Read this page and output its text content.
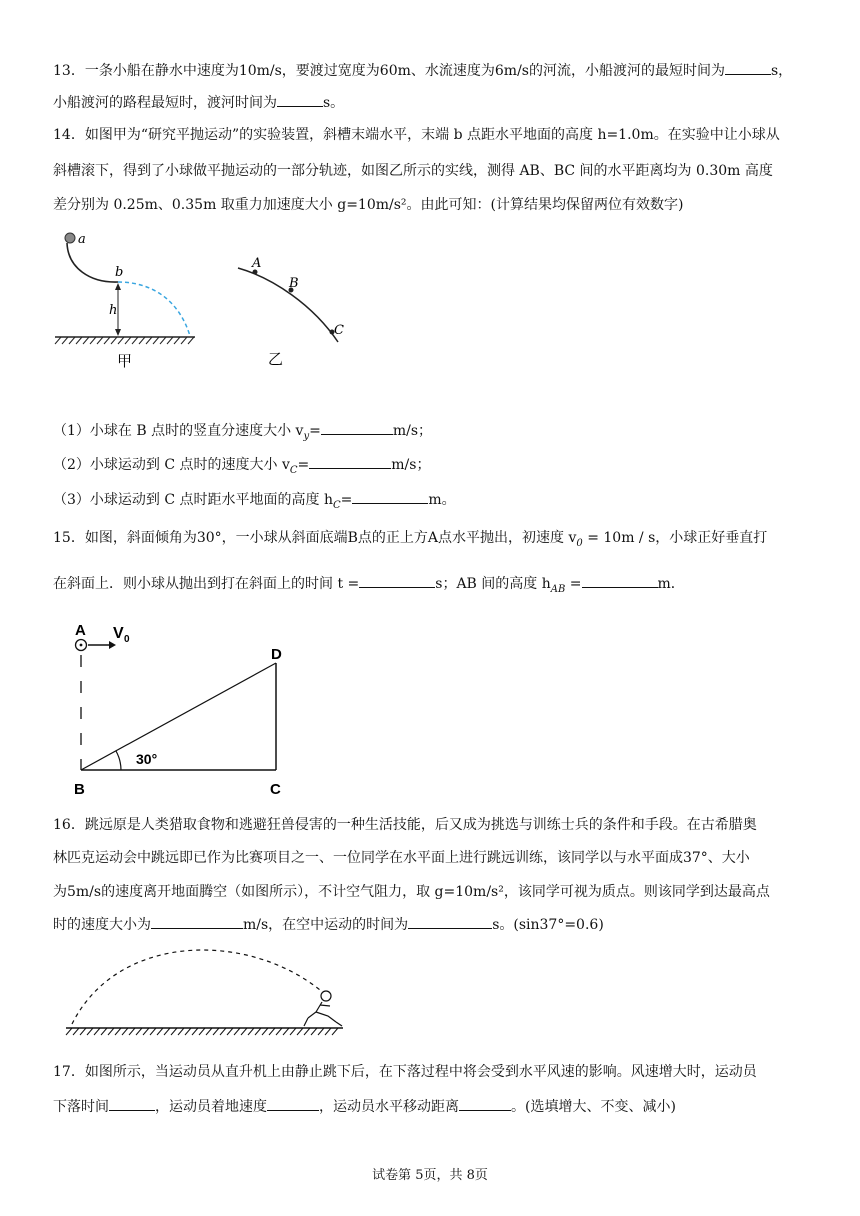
13．一条小船在静水中速度为10m/s，要渡过宽度为60m、水流速度为6m/s的河流，小船渡河的最短时间为	s，
小船渡河的路程最短时，渡河时间为	s。
14．如图甲为“研究平抛运动”的实验装置，斜槽末端水平，末端 b 点距水平地面的高度 h=1.0m。在实验中让小球从
斜槽滚下，得到了小球做平抛运动的一部分轨迹，如图乙所示的实线，测得 AB、BC 间的水平距离均为 0.30m 高度
差分别为 0.25m、0.35m 取重力加速度大小 g=10m/s²。由此可知：(计算结果均保留两位有效数字)
a
b
h
甲
A
B
C
乙
（1）小球在 B 点时的竖直分速度大小 $v_y=$	m/s；
（2）小球运动到 C 点时的速度大小 $v_C=$	m/s；
（3）小球运动到 C 点时距水平地面的高度 $h_C=$	m。
15．如图，斜面倾角为30°，一小球从斜面底端B点的正上方A点水平抛出，初速度 $v_0 = 10m / s$，小球正好垂直打
在斜面上．则小球从抛出到打在斜面上的时间 t =	s；AB 间的高度 $h_{AB}$ =	m．
A V 0
D
30°
B	C
16．跳远原是人类猎取食物和逃避狂兽侵害的一种生活技能，后又成为挑选与训练士兵的条件和手段。在古希腊奥
林匹克运动会中跳远即已作为比赛项目之一、一位同学在水平面上进行跳远训练，该同学以与水平面成37°、大小
为5m/s的速度离开地面腾空（如图所示），不计空气阻力，取 g=10m/s²，该同学可视为质点。则该同学到达最高点
时的速度大小为	m/s，在空中运动的时间为	s。(sin37°=0.6)
17．如图所示，当运动员从直升机上由静止跳下后，在下落过程中将会受到水平风速的影响。风速增大时，运动员
下落时间	，运动员着地速度	，运动员水平移动距离	。(选填增大、不变、减小)
试卷第 5页，共 8页
